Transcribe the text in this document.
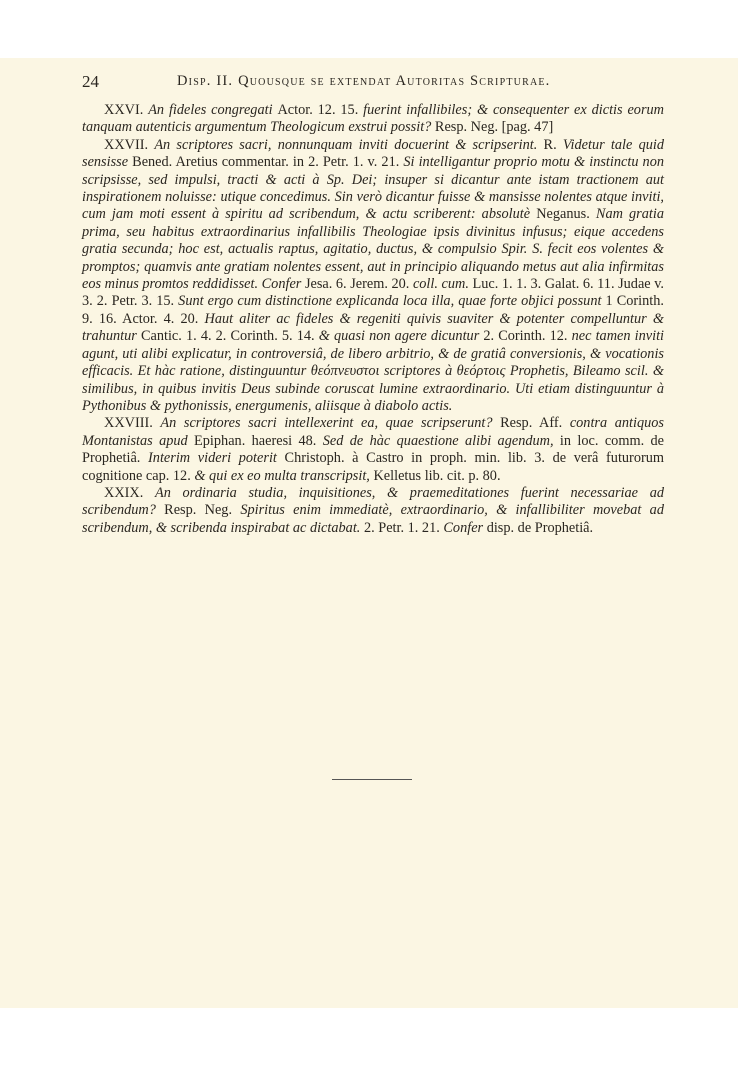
24	Disp. II. Quousque se extendat Autoritas Scripturae.

XXVI. An fideles congregati Actor. 12. 15. fuerint infallibiles; & consequenter ex dictis eorum tanquam autenticis argumentum Theologicum exstrui possit? Resp. Neg. [pag. 47]

XXVII. An scriptores sacri, nonnunquam inviti docuerint & scripserint. R. Videtur tale quid sensisse Bened. Aretius commentar. in 2. Petr. 1. v. 21. Si intelligantur proprio motu & instinctu non scripsisse, sed impulsi, tracti & acti à Sp. Dei; insuper si dicantur ante istam tractionem aut inspirationem noluisse: utique concedimus. Sin verò dicantur fuisse & mansisse nolentes atque inviti, cum jam moti essent à spiritu ad scribendum, & actu scriberent: absolutè Neganus. Nam gratia prima, seu habitus extraordinarius infallibilis Theologiae ipsis divinitus infusus; eique accedens gratia secunda; hoc est, actualis raptus, agitatio, ductus, & compulsio Spir. S. fecit eos volentes & promptos; quamvis ante gratiam nolentes essent, aut in principio aliquando metus aut alia infirmitas eos minus promtos reddidisset. Confer Jesa. 6. Jerem. 20. coll. cum. Luc. 1. 1. 3. Galat. 6. 11. Judae v. 3. 2. Petr. 3. 15. Sunt ergo cum distinctione explicanda loca illa, quae forte objici possunt 1 Corinth. 9. 16. Actor. 4. 20. Haut aliter ac fideles & regeniti quivis suaviter & potenter compelluntur & trahuntur Cantic. 1. 4. 2. Corinth. 5. 14. & quasi non agere dicuntur 2. Corinth. 12. nec tamen inviti agunt, uti alibi explicatur, in controversiâ, de libero arbitrio, & de gratiâ conversionis, & vocationis efficacis. Et hàc ratione, distinguuntur θεόπνευστοι scriptores à θεόρτοις Prophetis, Bileamo scil. & similibus, in quibus invitis Deus subinde coruscat lumine extraordinario. Uti etiam distinguuntur à Pythonibus & pythonissis, energumenis, aliisque à diabolo actis.

XXVIII. An scriptores sacri intellexerint ea, quae scripserunt? Resp. Aff. contra antiquos Montanistas apud Epiphan. haeresi 48. Sed de hàc quaestione alibi agendum, in loc. comm. de Prophetiâ. Interim videri poterit Christoph. à Castro in proph. min. lib. 3. de verâ futurorum cognitione cap. 12. & qui ex eo multa transcripsit, Kelletus lib. cit. p. 80.

XXIX. An ordinaria studia, inquisitiones, & praemeditationes fuerint necessariae ad scribendum? Resp. Neg. Spiritus enim immediatè, extraordinario, & infallibiliter movebat ad scribendum, & scribenda inspirabat ac dictabat. 2. Petr. 1. 21. Confer disp. de Prophetiâ.
